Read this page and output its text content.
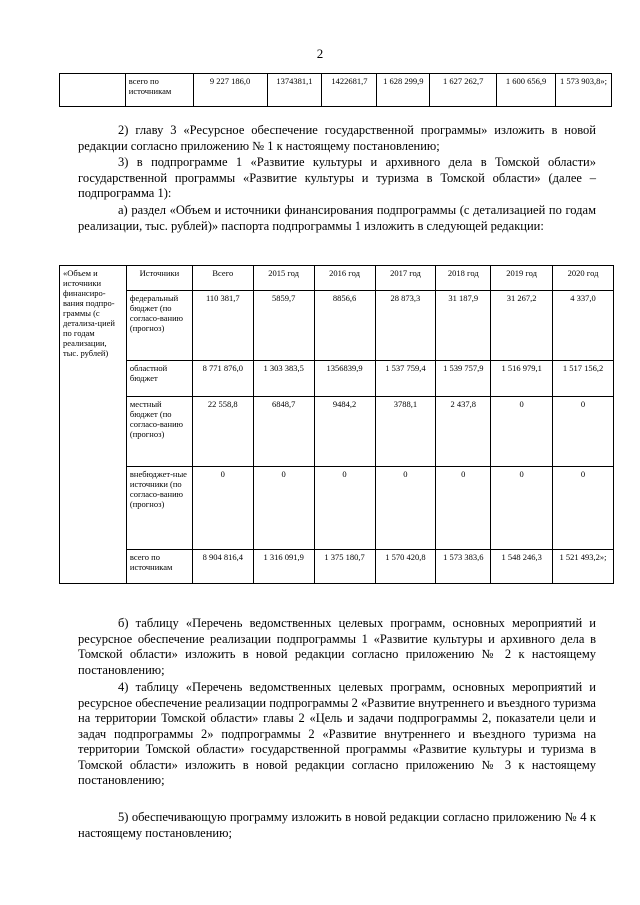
2
	всего по источникам	9 227 186,0	1374381,1	1422681,7	1 628 299,9	1 627 262,7	1 600 656,9	1 573 903,8»;

2) главу 3 «Ресурсное обеспечение государственной программы» изложить в новой редакции согласно приложению № 1 к настоящему постановлению;

3) в подпрограмме 1 «Развитие культуры и архивного дела в Томской области» государственной программы «Развитие культуры и туризма в Томской области» (далее – подпрограмма 1):

а) раздел «Объем и источники финансирования подпрограммы (с детализацией по годам реализации, тыс. рублей)» паспорта подпрограммы 1 изложить в следующей редакции:

«Объем и источники финансиро-вания подпро-граммы (с детализа-цией по годам реализации, тыс. рублей)	Источники	Всего	2015 год	2016 год	2017 год	2018 год	2019 год	2020 год
	федеральный бюджет (по согласо-ванию (прогноз)	110 381,7	5859,7	8856,6	28 873,3	31 187,9	31 267,2	4 337,0
	областной бюджет	8 771 876,0	1 303 383,5	1356839,9	1 537 759,4	1 539 757,9	1 516 979,1	1 517 156,2
	местный бюджет (по согласо-ванию (прогноз)	22 558,8	6848,7	9484,2	3788,1	2 437,8	0	0
	внебюджет-ные источники (по согласо-ванию (прогноз)	0	0	0	0	0	0	0
	всего по источникам	8 904 816,4	1 316 091,9	1 375 180,7	1 570 420,8	1 573 383,6	1 548 246,3	1 521 493,2»;

б) таблицу «Перечень ведомственных целевых программ, основных мероприятий и ресурсное обеспечение реализации подпрограммы 1 «Развитие культуры и архивного дела в Томской области» изложить в новой редакции согласно приложению № 2 к настоящему постановлению;

4) таблицу «Перечень ведомственных целевых программ, основных мероприятий и ресурсное обеспечение реализации подпрограммы 2 «Развитие внутреннего и въездного туризма на территории Томской области» главы 2 «Цель и задачи подпрограммы 2, показатели цели и задач подпрограммы 2» подпрограммы 2 «Развитие внутреннего и въездного туризма на территории Томской области» государственной программы «Развитие культуры и туризма в Томской области» изложить в новой редакции согласно приложению № 3 к настоящему постановлению;

5) обеспечивающую программу изложить в новой редакции согласно приложению № 4 к настоящему постановлению;
